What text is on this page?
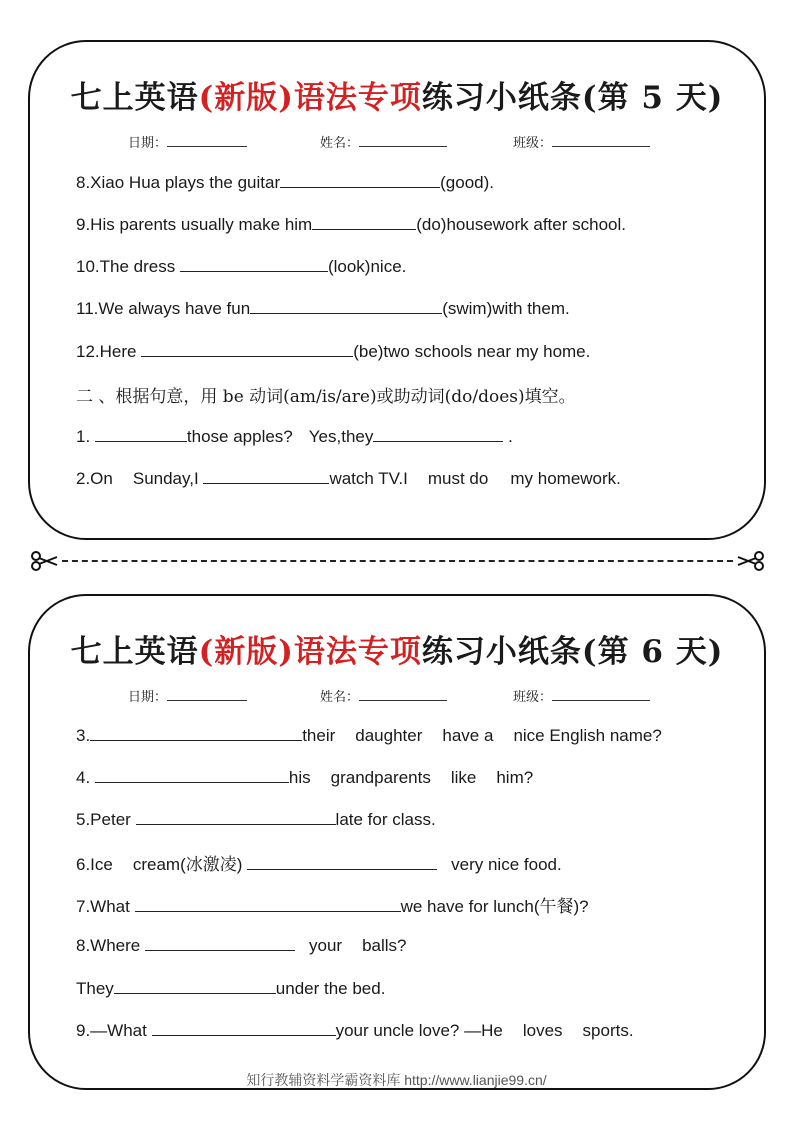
七上英语(新版)语法专项练习小纸条(第 5 天)
日期：	姓名：	班级：
8.Xiao Hua plays the guitar	(good).
9.His parents usually make him	(do)housework after school.
10.The dress	(look)nice.
11.We always have fun	(swim)with them.
12.Here	(be)two schools near my home.
二 、根据句意，用 be 动词(am/is/are)或助动词(do/does)填空。
1.	those apples? Yes,they	.
2.On Sunday,I	watch TV.I must do my homework.
七上英语(新版)语法专项练习小纸条(第 6 天)
日期：	姓名：	班级：
3.	their daughter have a nice English name?
4.	his grandparents like him?
5.Peter	late for class.
6.Ice cream(冰激凌)	very nice food.
7.What	we have for lunch(午餐)?
8.Where	your balls?
They	under the bed.
9.—What	your uncle love? —He loves sports.
知行教辅资料学霸资料库 http://www.lianjie99.cn/
